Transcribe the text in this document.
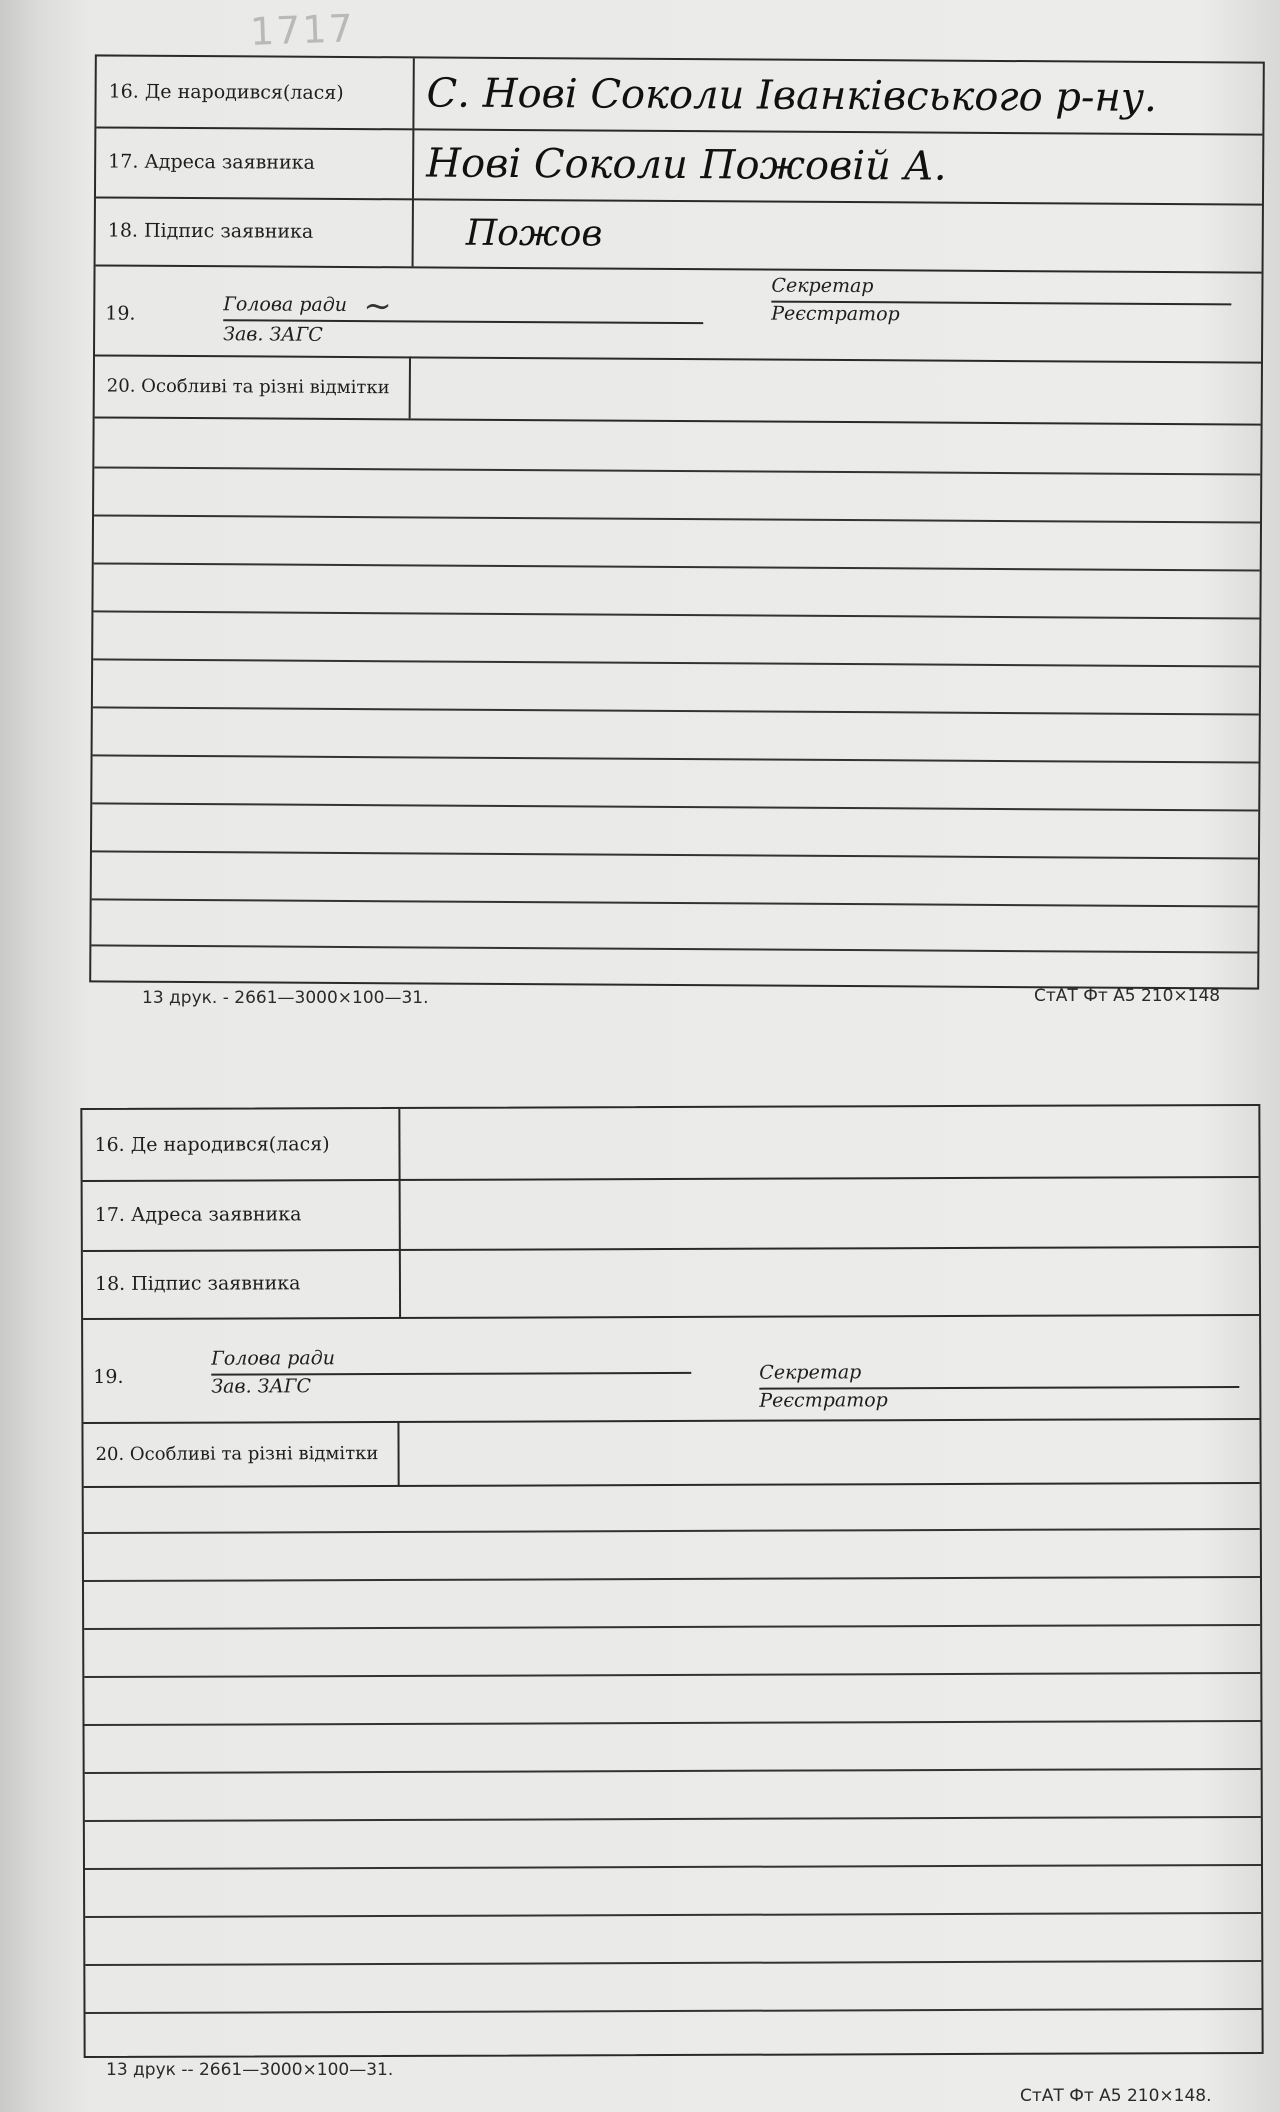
1717
16. Де народився(лася)	С. Нові Соколи Іванківського р-ну.
17. Адреса заявника	Нові Соколи Пожовій А.
18. Підпис заявника	Пожов
19.	Голова ради
Зав. ЗАГС
~
Секретар
Реєстратор
20. Особливі та різні відмітки
13 друк. - 2661—3000×100—31.	СтАТ Фт А5 210×148
16. Де народився(лася)
17. Адреса заявника
18. Підпис заявника
19.
Голова ради
Зав. ЗАГС
Секретар
Реєстратор
20. Особливі та різні відмітки
13 друк -- 2661—3000×100—31.
СтАТ Фт А5 210×148.
